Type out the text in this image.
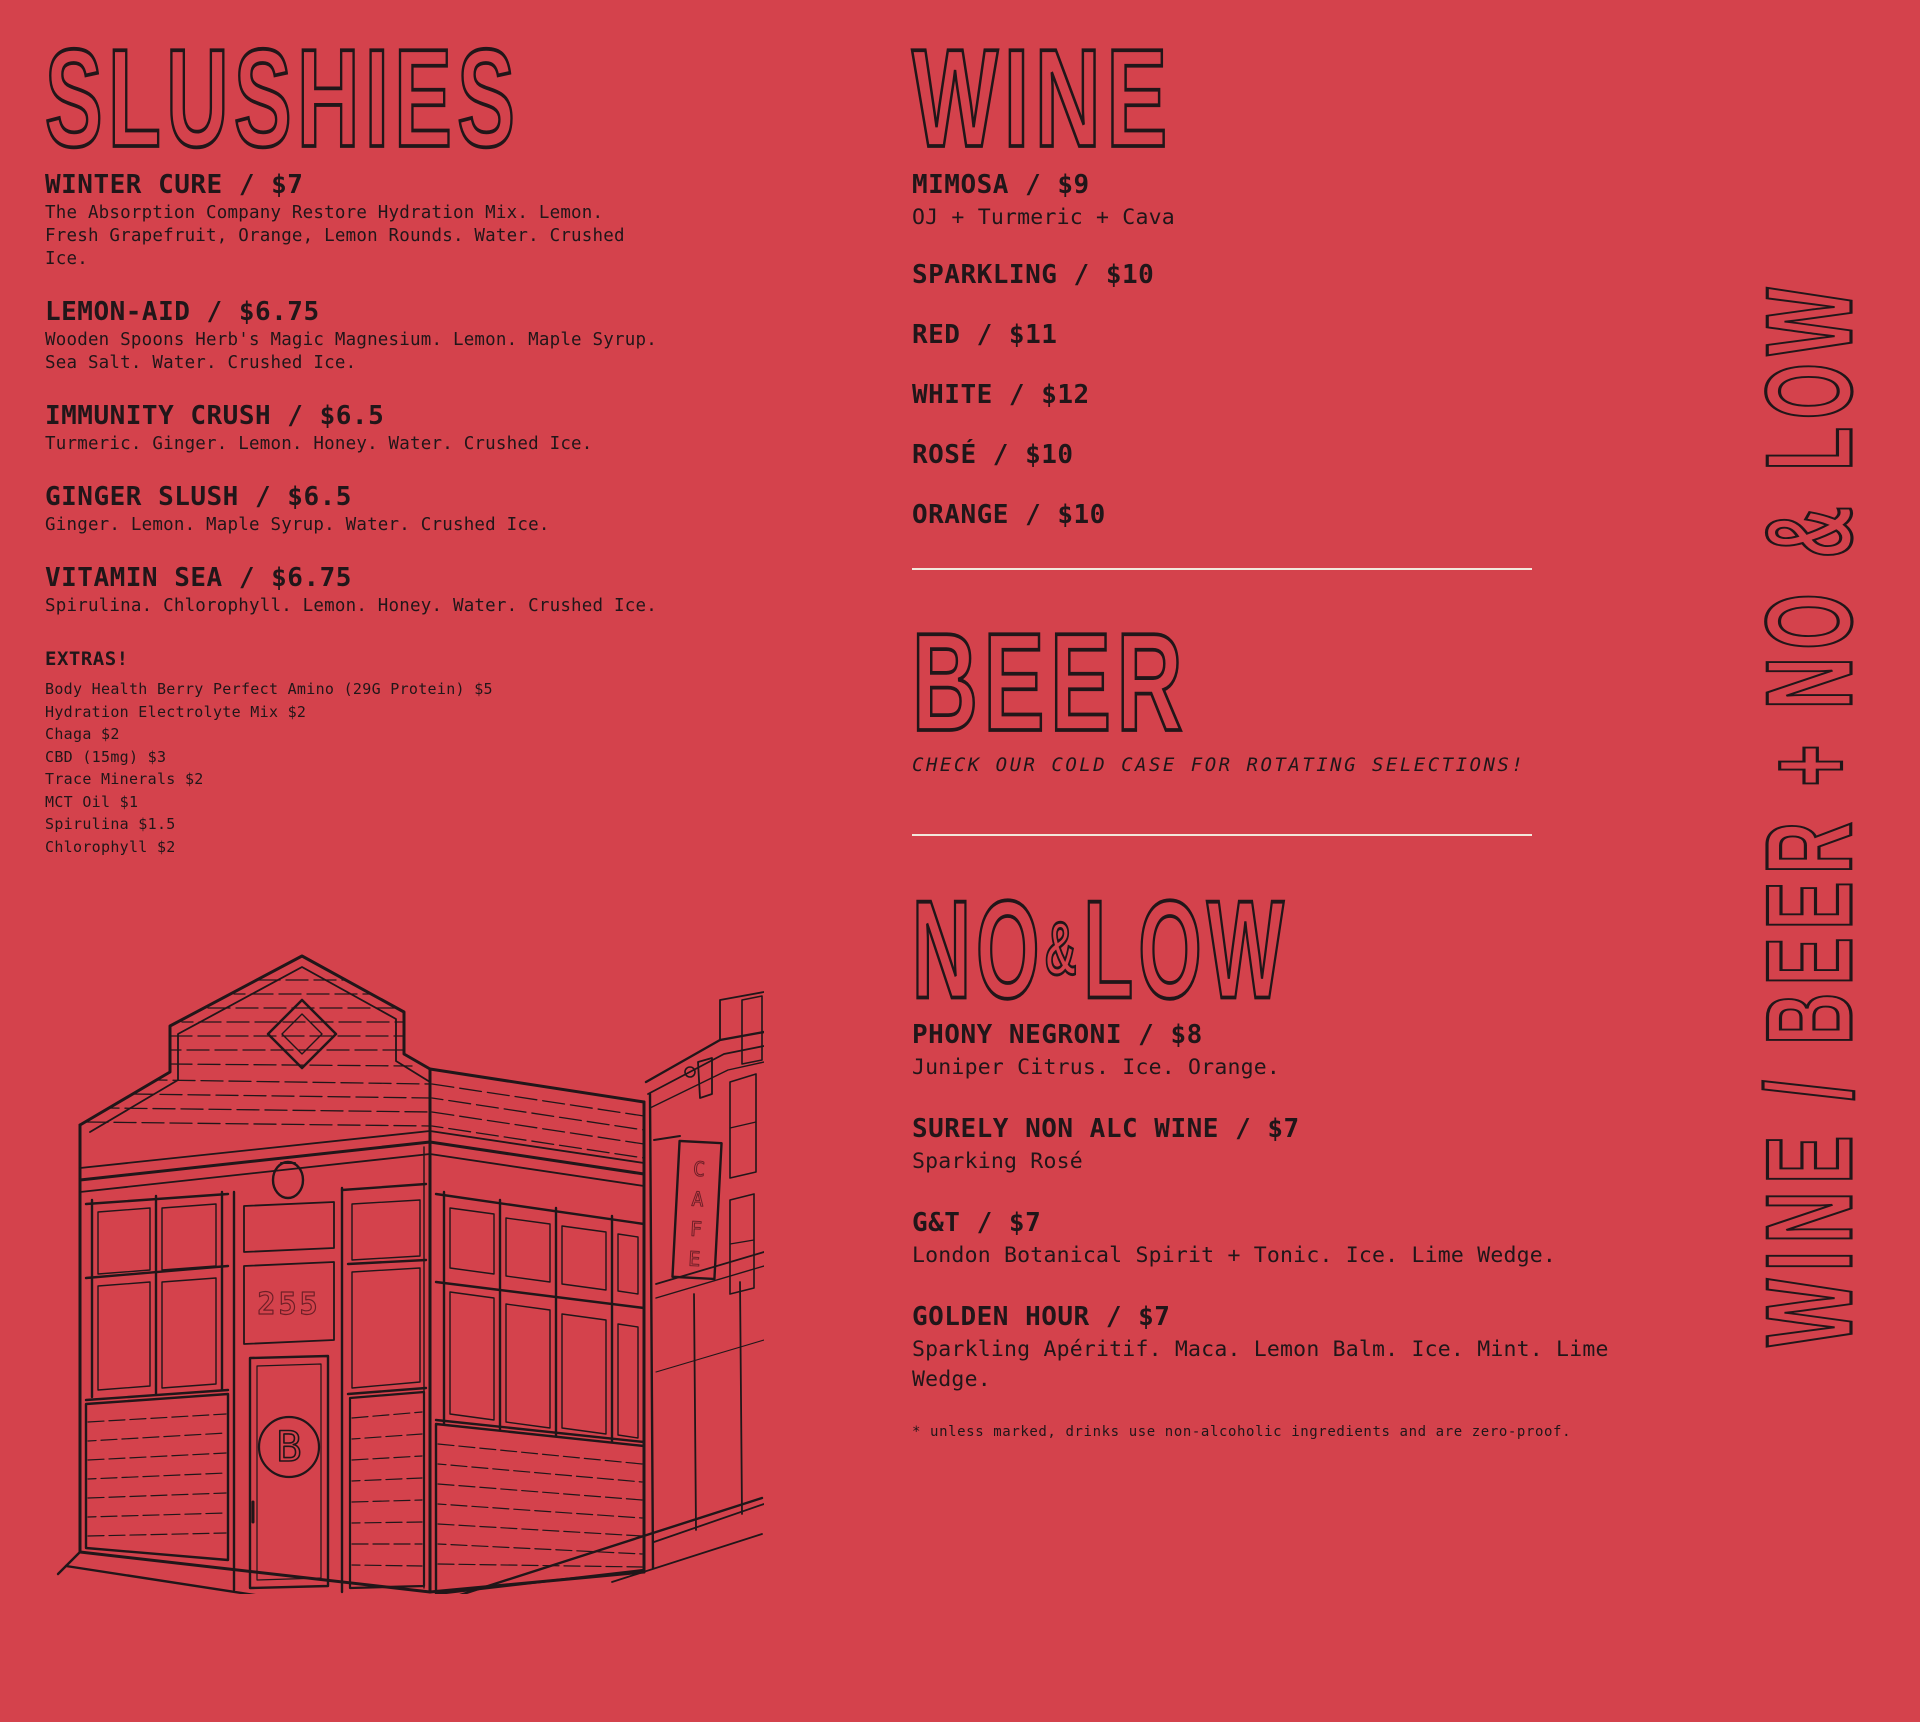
SLUSHIES
WINTER CURE / $7
The Absorption Company Restore Hydration Mix. Lemon.
Fresh Grapefruit, Orange, Lemon Rounds. Water. Crushed
Ice.
LEMON-AID / $6.75
Wooden Spoons Herb's Magic Magnesium. Lemon. Maple Syrup.
Sea Salt. Water. Crushed Ice.
IMMUNITY CRUSH / $6.5
Turmeric. Ginger. Lemon. Honey. Water. Crushed Ice.
GINGER SLUSH / $6.5
Ginger. Lemon. Maple Syrup. Water. Crushed Ice.
VITAMIN SEA / $6.75
Spirulina. Chlorophyll. Lemon. Honey. Water. Crushed Ice.
EXTRAS!
Body Health Berry Perfect Amino (29G Protein) $5
Hydration Electrolyte Mix $2
Chaga $2
CBD (15mg) $3
Trace Minerals $2
MCT Oil $1
Spirulina $1.5
Chlorophyll $2
WINE
MIMOSA / $9
OJ + Turmeric + Cava
SPARKLING / $10
RED / $11
WHITE / $12
ROSÉ / $10
ORANGE / $10
BEER
CHECK OUR COLD CASE FOR ROTATING SELECTIONS!
NO&LOW
PHONY NEGRONI / $8
Juniper Citrus. Ice. Orange.
SURELY NON ALC WINE / $7
Sparking Rosé
G&T / $7
London Botanical Spirit + Tonic. Ice. Lime Wedge.
GOLDEN HOUR / $7
Sparkling Apéritif. Maca. Lemon Balm. Ice. Mint. Lime
Wedge.
* unless marked, drinks use non-alcoholic ingredients and are zero-proof.
WINE / BEER + NO & LOW
C
A
F
E
255
B
